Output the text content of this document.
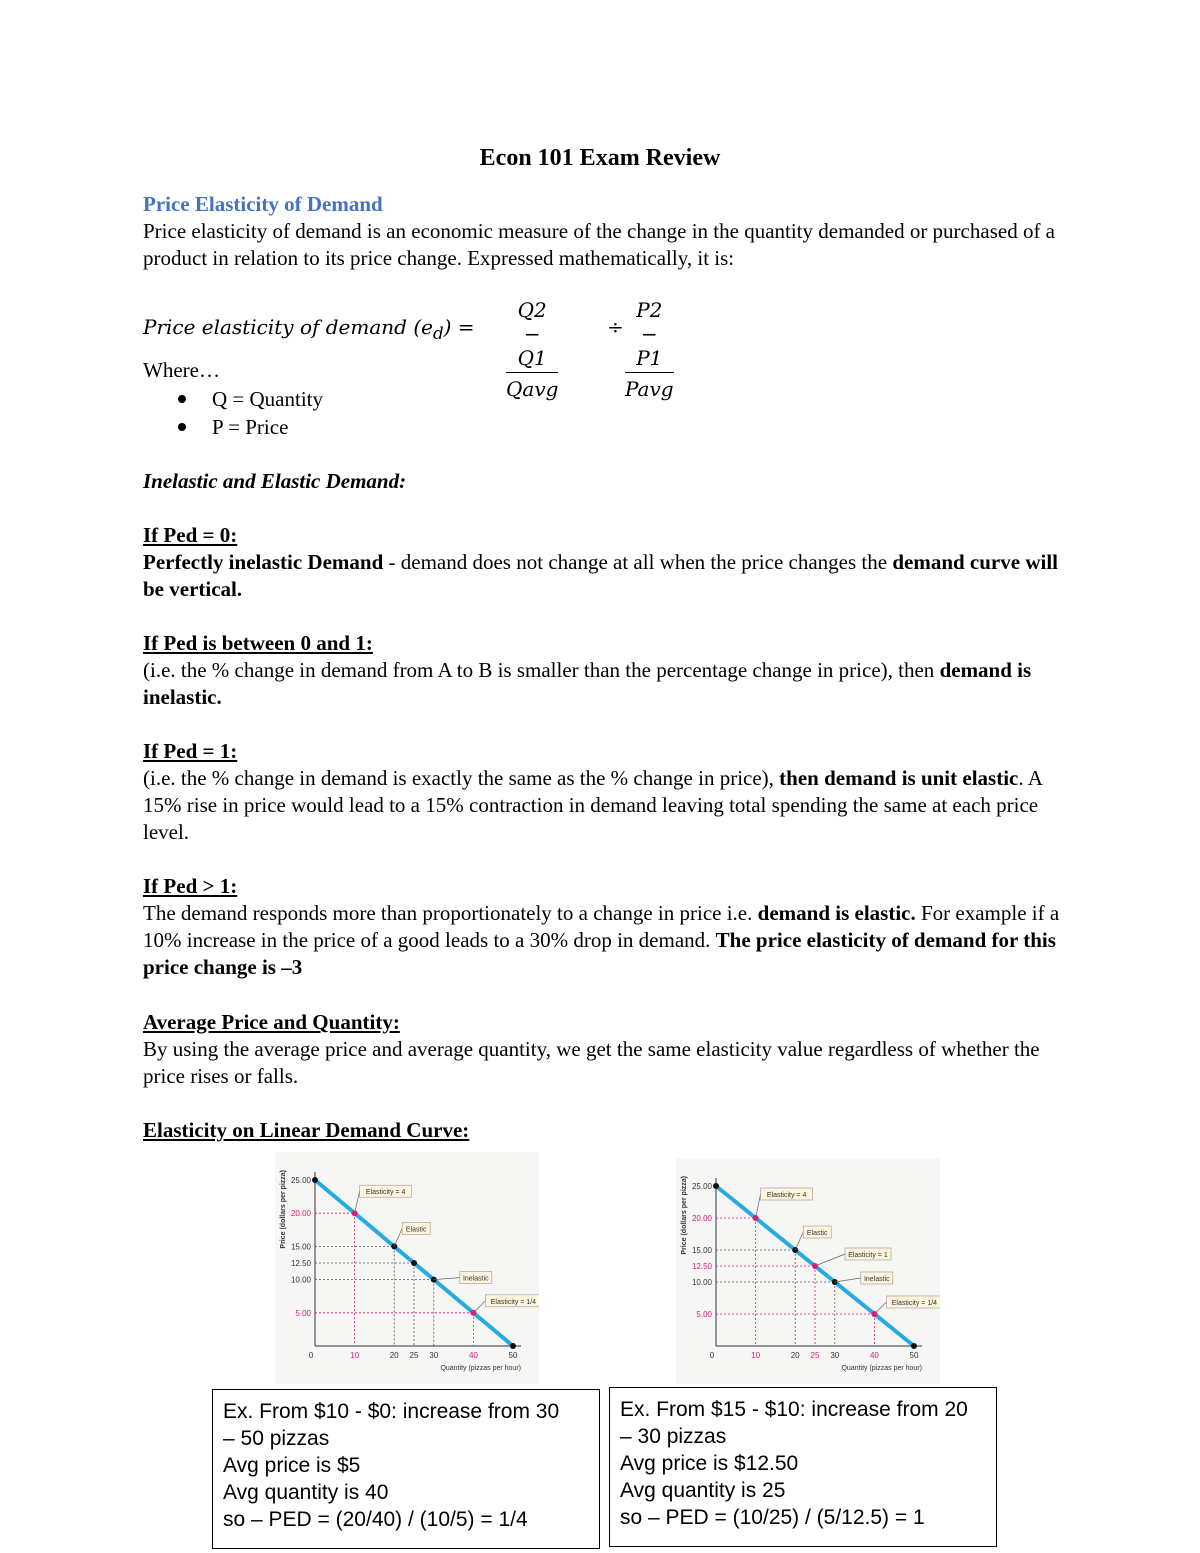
Econ 101 Exam Review
Price Elasticity of Demand
Price elasticity of demand is an economic measure of the change in the quantity demanded or purchased of a product in relation to its price change. Expressed mathematically, it is:
Price elasticity of demand $(e_d)$ =
Q2 − Q1
Qavg
÷
P2 − P1
Pavg
Where…
Q = Quantity
P = Price
Inelastic and Elastic Demand:
If Ped = 0:
Perfectly inelastic Demand - demand does not change at all when the price changes the demand curve will be vertical.
If Ped is between 0 and 1:
(i.e. the % change in demand from A to B is smaller than the percentage change in price), then demand is inelastic.
If Ped = 1:
(i.e. the % change in demand is exactly the same as the % change in price), then demand is unit elastic. A 15% rise in price would lead to a 15% contraction in demand leaving total spending the same at each price level.
If Ped > 1:
The demand responds more than proportionately to a change in price i.e. demand is elastic. For example if a 10% increase in the price of a good leads to a 30% drop in demand. The price elasticity of demand for this price change is –3
Average Price and Quantity:
By using the average price and average quantity, we get the same elasticity value regardless of whether the price rises or falls.
Elasticity on Linear Demand Curve:
5.00
10.00
12.50
15.00
20.00
25.00
0	10	20 25 30	40	50
Quantity (pizzas per hour)
Price (dollars per pizza)	Elasticity = 4
Elastic
Inelastic
Elasticity = 1/4
5.00
10.00
12.50
15.00
20.00
25.00
0	10	20 25 30	40	50
Quantity (pizzas per hour)
Price (dollars per pizza)	Elasticity = 4
Elastic
Elasticity = 1
Inelastic
Elasticity = 1/4
Ex. From $10 - $0: increase from 30
– 50 pizzas
Avg price is $5
Avg quantity is 40
so – PED = (20/40) / (10/5) = 1/4
Ex. From $15 - $10: increase from 20
– 30 pizzas
Avg price is $12.50
Avg quantity is 25
so – PED = (10/25) / (5/12.5) = 1
